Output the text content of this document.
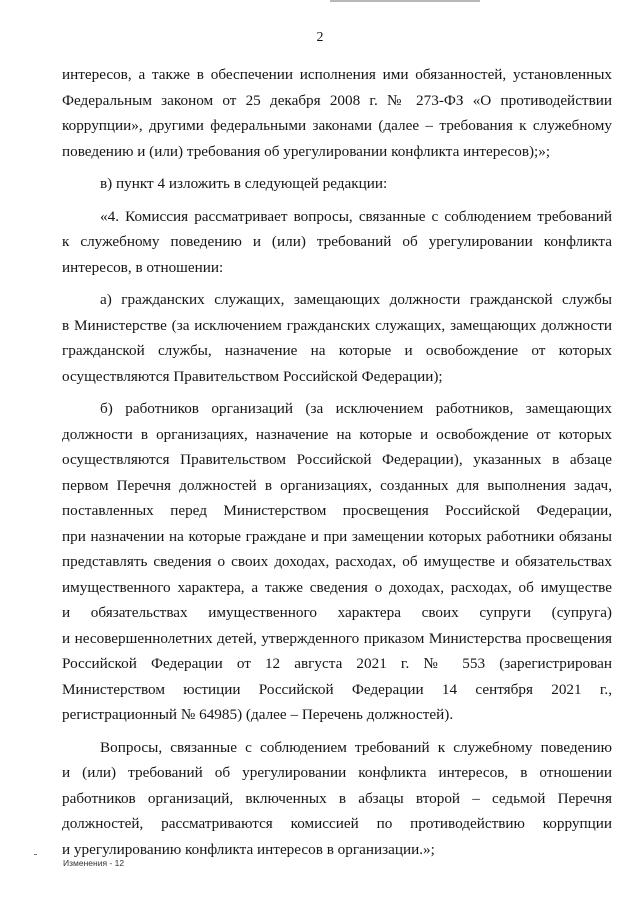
2
интересов, а также в обеспечении исполнения ими обязанностей, установленных
Федеральным законом от 25 декабря 2008 г. № 273-ФЗ «О противодействии
коррупции», другими федеральными законами (далее – требования к служебному
поведению и (или) требования об урегулировании конфликта интересов);»;
в) пункт 4 изложить в следующей редакции:
«4. Комиссия рассматривает вопросы, связанные с соблюдением требований
к служебному поведению и (или) требований об урегулировании конфликта
интересов, в отношении:
а) гражданских служащих, замещающих должности гражданской службы
в Министерстве (за исключением гражданских служащих, замещающих должности
гражданской службы, назначение на которые и освобождение от которых
осуществляются Правительством Российской Федерации);
б) работников организаций (за исключением работников, замещающих
должности в организациях, назначение на которые и освобождение от которых
осуществляются Правительством Российской Федерации), указанных в абзаце
первом Перечня должностей в организациях, созданных для выполнения задач,
поставленных перед Министерством просвещения Российской Федерации,
при назначении на которые граждане и при замещении которых работники обязаны
представлять сведения о своих доходах, расходах, об имуществе и обязательствах
имущественного характера, а также сведения о доходах, расходах, об имуществе
и обязательствах имущественного характера своих супруги (супруга)
и несовершеннолетних детей, утвержденного приказом Министерства просвещения
Российской Федерации от 12 августа 2021 г. № 553 (зарегистрирован
Министерством юстиции Российской Федерации 14 сентября 2021 г.,
регистрационный № 64985) (далее – Перечень должностей).
Вопросы, связанные с соблюдением требований к служебному поведению
и (или) требований об урегулировании конфликта интересов, в отношении
работников организаций, включенных в абзацы второй – седьмой Перечня
должностей, рассматриваются комиссией по противодействию коррупции
и урегулированию конфликта интересов в организации.»;
Изменения - 12
